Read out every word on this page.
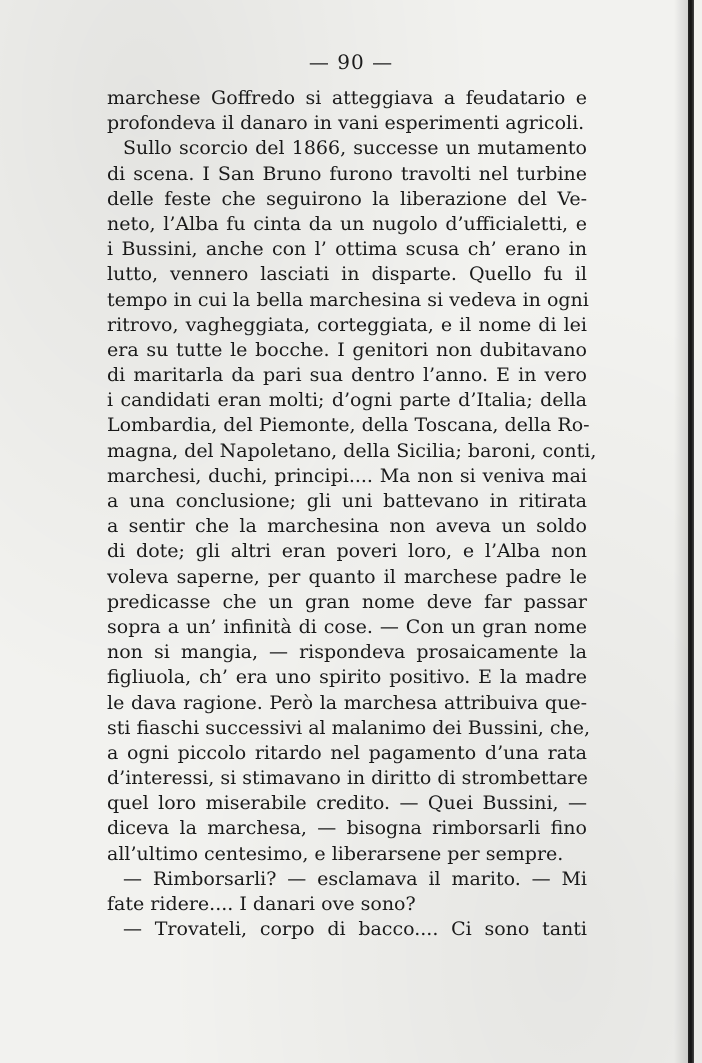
— 90 —
marchese Goffredo si atteggiava a feudatario e
profondeva il danaro in vani esperimenti agricoli.
Sullo scorcio del 1866, successe un mutamento
di scena. I San Bruno furono travolti nel turbine
delle feste che seguirono la liberazione del Ve-
neto, l’Alba fu cinta da un nugolo d’ufficialetti, e
i Bussini, anche con l’ ottima scusa ch’ erano in
lutto, vennero lasciati in disparte. Quello fu il
tempo in cui la bella marchesina si vedeva in ogni
ritrovo, vagheggiata, corteggiata, e il nome di lei
era su tutte le bocche. I genitori non dubitavano
di maritarla da pari sua dentro l’anno. E in vero
i candidati eran molti; d’ogni parte d’Italia; della
Lombardia, del Piemonte, della Toscana, della Ro-
magna, del Napoletano, della Sicilia; baroni, conti,
marchesi, duchi, principi.... Ma non si veniva mai
a una conclusione; gli uni battevano in ritirata
a sentir che la marchesina non aveva un soldo
di dote; gli altri eran poveri loro, e l’Alba non
voleva saperne, per quanto il marchese padre le
predicasse che un gran nome deve far passar
sopra a un’ infinità di cose. — Con un gran nome
non si mangia, — rispondeva prosaicamente la
figliuola, ch’ era uno spirito positivo. E la madre
le dava ragione. Però la marchesa attribuiva que-
sti fiaschi successivi al malanimo dei Bussini, che,
a ogni piccolo ritardo nel pagamento d’una rata
d’interessi, si stimavano in diritto di strombettare
quel loro miserabile credito. — Quei Bussini, —
diceva la marchesa, — bisogna rimborsarli fino
all’ultimo centesimo, e liberarsene per sempre.
— Rimborsarli? — esclamava il marito. — Mi
fate ridere.... I danari ove sono?
— Trovateli, corpo di bacco.... Ci sono tanti
